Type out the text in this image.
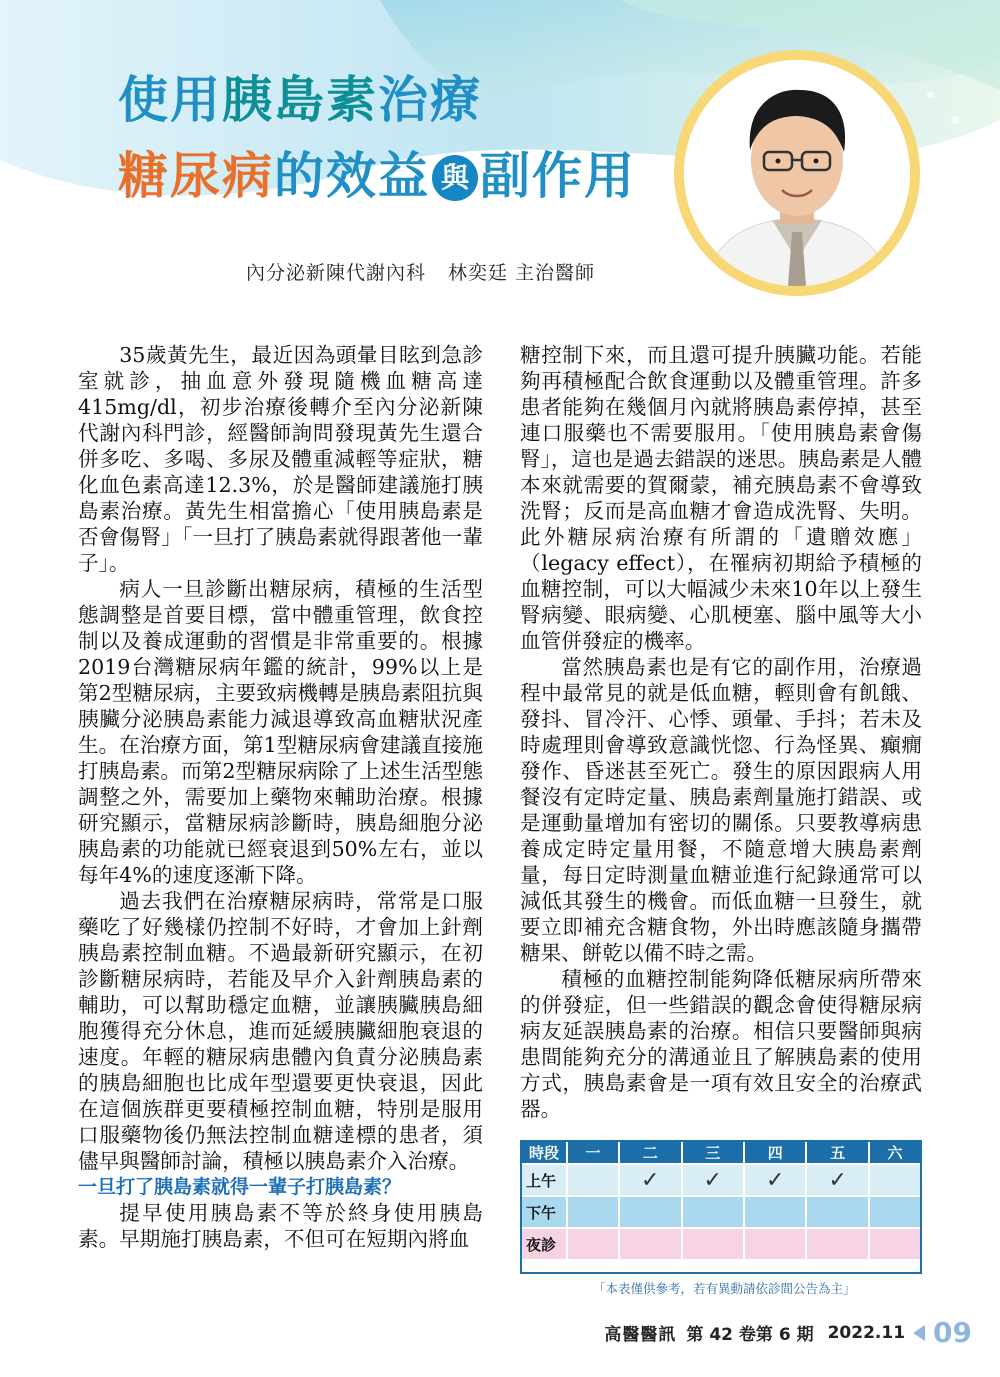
使用胰島素治療
糖尿病的效益 與 副作用
內分泌新陳代謝內科 林奕廷 主治醫師

35歲黃先生，最近因為頭暈目眩到急診室就診，抽血意外發現隨機血糖高達415mg/dl，初步治療後轉介至內分泌新陳代謝內科門診，經醫師詢問發現黃先生還合併多吃、多喝、多尿及體重減輕等症狀，糖化血色素高達12.3%，於是醫師建議施打胰島素治療。黃先生相當擔心「使用胰島素是否會傷腎」「一旦打了胰島素就得跟著他一輩子」。

病人一旦診斷出糖尿病，積極的生活型態調整是首要目標，當中體重管理，飲食控制以及養成運動的習慣是非常重要的。根據2019台灣糖尿病年鑑的統計，99%以上是第2型糖尿病，主要致病機轉是胰島素阻抗與胰臟分泌胰島素能力減退導致高血糖狀況產生。在治療方面，第1型糖尿病會建議直接施打胰島素。而第2型糖尿病除了上述生活型態調整之外，需要加上藥物來輔助治療。根據研究顯示，當糖尿病診斷時，胰島細胞分泌胰島素的功能就已經衰退到50%左右，並以每年4%的速度逐漸下降。

過去我們在治療糖尿病時，常常是口服藥吃了好幾樣仍控制不好時，才會加上針劑胰島素控制血糖。不過最新研究顯示，在初診斷糖尿病時，若能及早介入針劑胰島素的輔助，可以幫助穩定血糖，並讓胰臟胰島細胞獲得充分休息，進而延緩胰臟細胞衰退的速度。年輕的糖尿病患體內負責分泌胰島素的胰島細胞也比成年型還要更快衰退，因此在這個族群更要積極控制血糖，特別是服用口服藥物後仍無法控制血糖達標的患者，須儘早與醫師討論，積極以胰島素介入治療。

一旦打了胰島素就得一輩子打胰島素？

提早使用胰島素不等於終身使用胰島素。早期施打胰島素，不但可在短期內將血

糖控制下來，而且還可提升胰臟功能。若能夠再積極配合飲食運動以及體重管理。許多患者能夠在幾個月內就將胰島素停掉，甚至連口服藥也不需要服用。「使用胰島素會傷腎」，這也是過去錯誤的迷思。胰島素是人體本來就需要的賀爾蒙，補充胰島素不會導致洗腎；反而是高血糖才會造成洗腎、失明。此外糖尿病治療有所謂的「遺贈效應」（legacy effect），在罹病初期給予積極的血糖控制，可以大幅減少未來10年以上發生腎病變、眼病變、心肌梗塞、腦中風等大小血管併發症的機率。

當然胰島素也是有它的副作用，治療過程中最常見的就是低血糖，輕則會有飢餓、發抖、冒冷汗、心悸、頭暈、手抖；若未及時處理則會導致意識恍惚、行為怪異、癲癇發作、昏迷甚至死亡。發生的原因跟病人用餐沒有定時定量、胰島素劑量施打錯誤、或是運動量增加有密切的關係。只要教導病患養成定時定量用餐，不隨意增大胰島素劑量，每日定時測量血糖並進行紀錄通常可以減低其發生的機會。而低血糖一旦發生，就要立即補充含糖食物，外出時應該隨身攜帶糖果、餅乾以備不時之需。

積極的血糖控制能夠降低糖尿病所帶來的併發症，但一些錯誤的觀念會使得糖尿病病友延誤胰島素的治療。相信只要醫師與病患間能夠充分的溝通並且了解胰島素的使用方式，胰島素會是一項有效且安全的治療武器。

時段	一	二	三	四	五	六
上午		✓	✓	✓	✓	
下午						
夜診						
「本表僅供參考，若有異動請依診間公告為主」
高醫醫訊 第 42 卷第 6 期 2022.11 09
